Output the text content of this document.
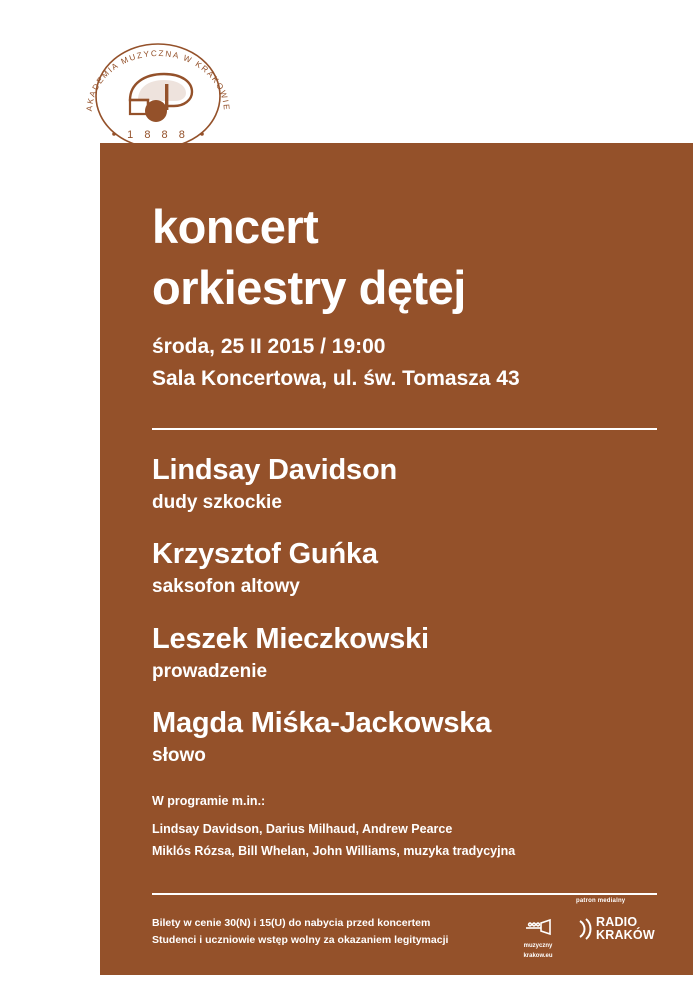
AKADEMIA MUZYCZNA W KRAKOWIE
1 8 8 8
koncert
orkiestry dętej
środa, 25 II 2015 / 19:00
Sala Koncertowa, ul. św. Tomasza 43
Lindsay Davidson
dudy szkockie
Krzysztof Guńka
saksofon altowy
Leszek Mieczkowski
prowadzenie
Magda Miśka-Jackowska
słowo
W programie m.in.:
Lindsay Davidson, Darius Milhaud, Andrew Pearce
Miklós Rózsa, Bill Whelan, John Williams, muzyka tradycyjna
Bilety w cenie 30(N) i 15(U) do nabycia przed koncertem
Studenci i uczniowie wstęp wolny za okazaniem legitymacji
patron medialny
muzyczny
krakow.eu
RADIO
KRAKÓW
